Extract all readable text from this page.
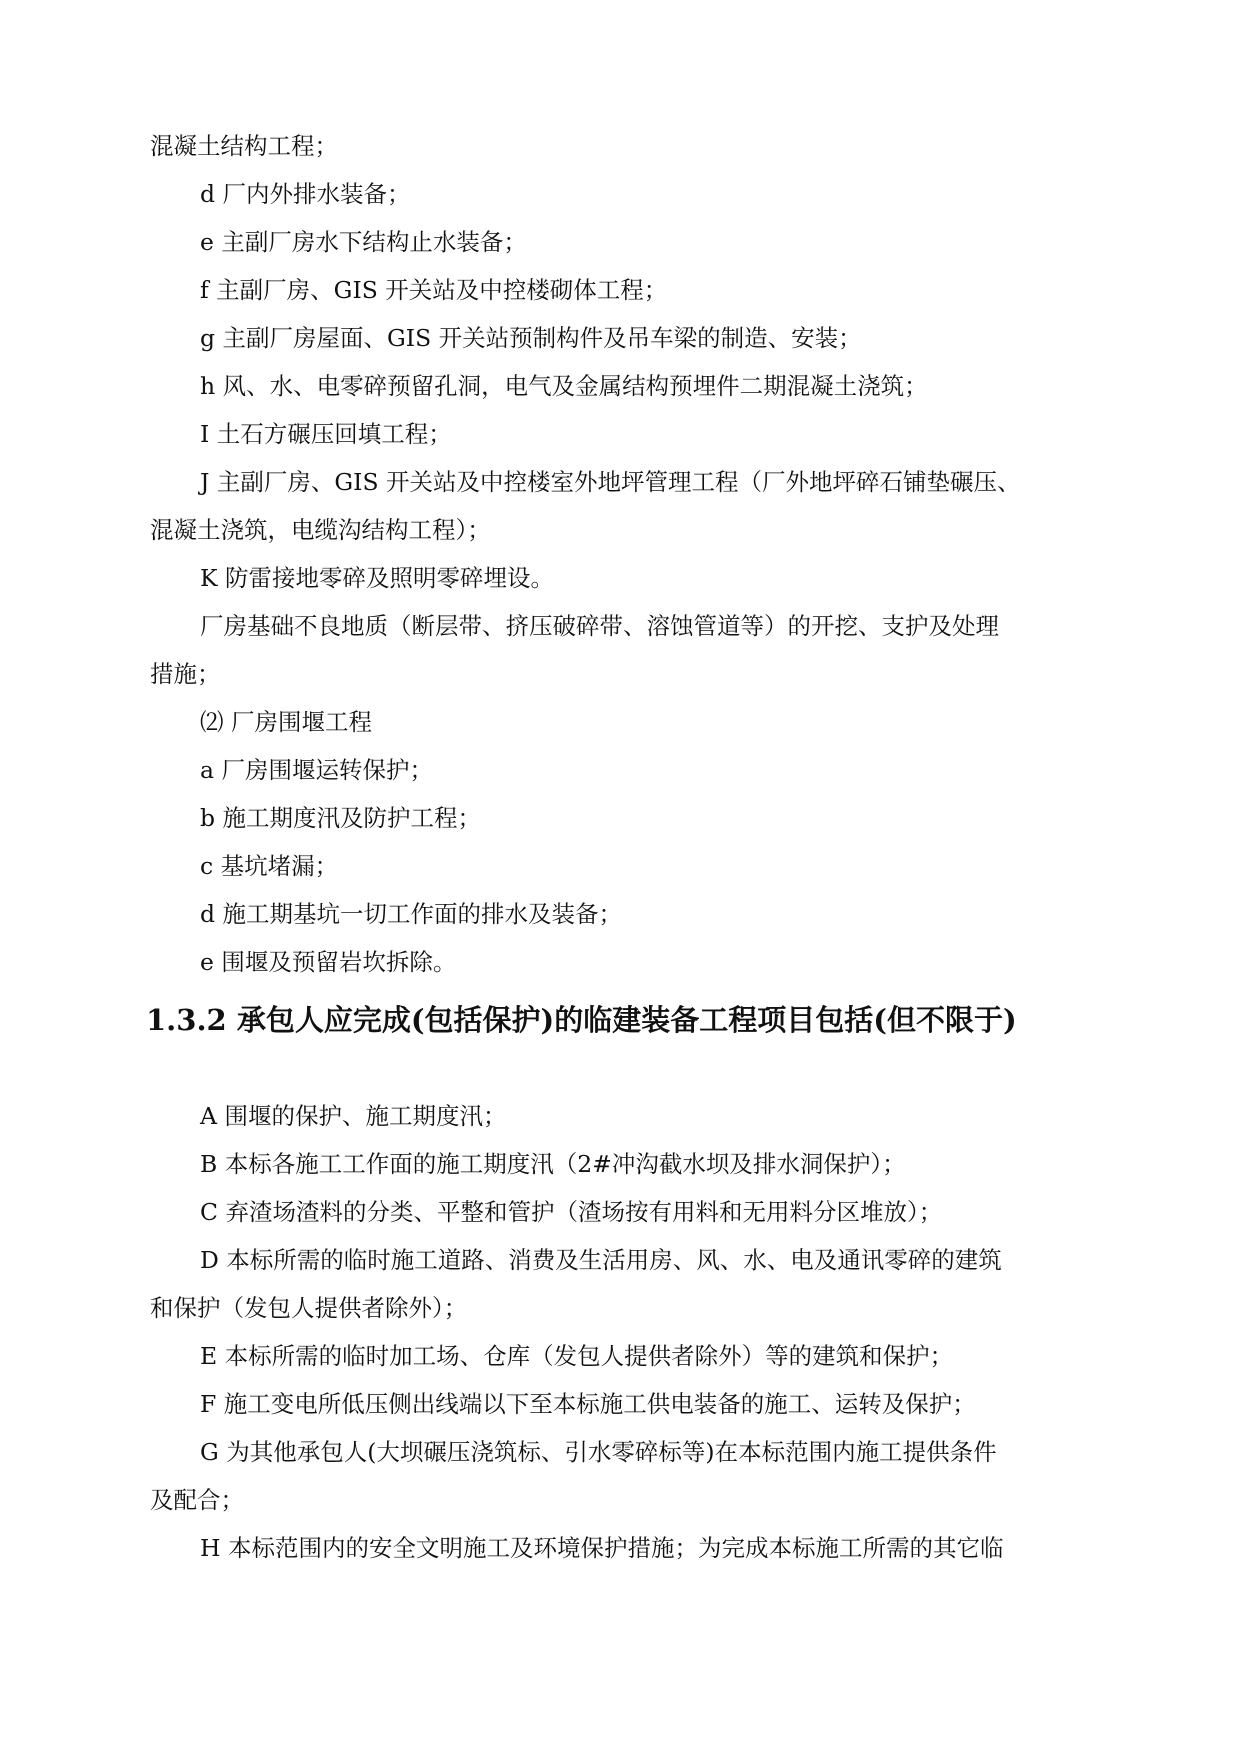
混凝土结构工程；

d 厂内外排水装备；

e 主副厂房水下结构止水装备；

f 主副厂房、GIS 开关站及中控楼砌体工程；

g 主副厂房屋面、GIS 开关站预制构件及吊车梁的制造、安装；

h 风、水、电零碎预留孔洞，电气及金属结构预埋件二期混凝土浇筑；

I 土石方碾压回填工程；

J 主副厂房、GIS 开关站及中控楼室外地坪管理工程（厂外地坪碎石铺垫碾压、

混凝土浇筑，电缆沟结构工程）；

K 防雷接地零碎及照明零碎埋设。

厂房基础不良地质（断层带、挤压破碎带、溶蚀管道等）的开挖、支护及处理

措施；

⑵ 厂房围堰工程

a 厂房围堰运转保护；

b 施工期度汛及防护工程；

c 基坑堵漏；

d 施工期基坑一切工作面的排水及装备；

e 围堰及预留岩坎拆除。

1.3.2 承包人应完成(包括保护)的临建装备工程项目包括(但不限于)

A 围堰的保护、施工期度汛；

B 本标各施工工作面的施工期度汛（2#冲沟截水坝及排水洞保护）；

C 弃渣场渣料的分类、平整和管护（渣场按有用料和无用料分区堆放）；

D 本标所需的临时施工道路、消费及生活用房、风、水、电及通讯零碎的建筑

和保护（发包人提供者除外）；

E 本标所需的临时加工场、仓库（发包人提供者除外）等的建筑和保护；

F 施工变电所低压侧出线端以下至本标施工供电装备的施工、运转及保护；

G 为其他承包人(大坝碾压浇筑标、引水零碎标等)在本标范围内施工提供条件

及配合；

H 本标范围内的安全文明施工及环境保护措施；为完成本标施工所需的其它临
